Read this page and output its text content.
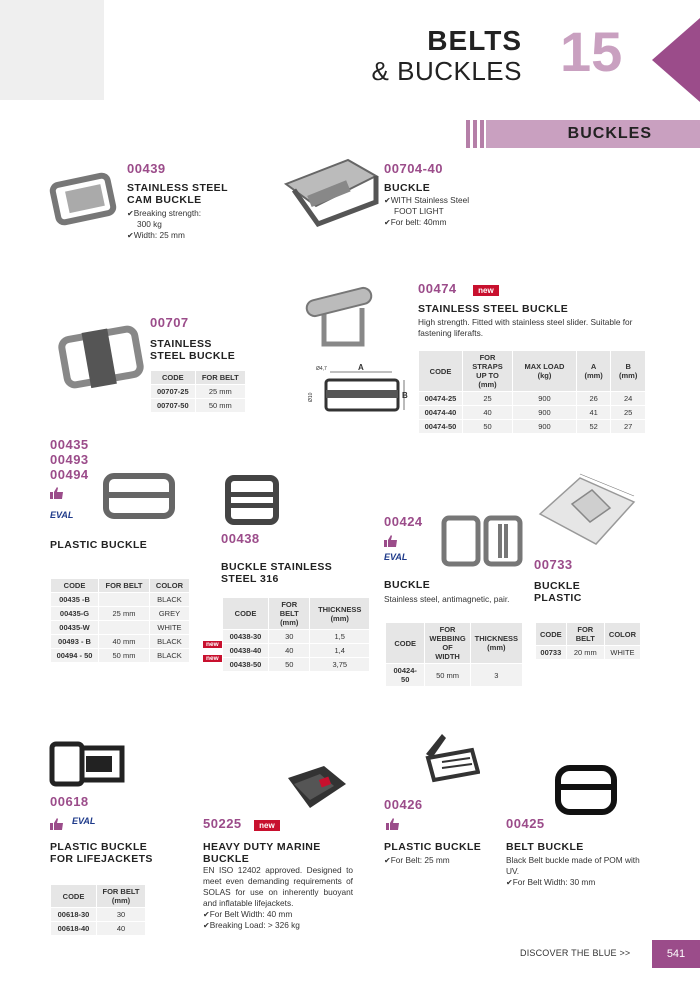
BELTS
& BUCKLES 15
BUCKLES
00439
STAINLESS STEEL CAM BUCKLE
✔ Breaking strength:
300 kg
✔ Width: 25 mm
00704-40
BUCKLE
✔ WITH Stainless Steel
FOOT LIGHT
✔ For belt: 40mm
00474	new
A
B
Ø4,7
Ø10
STAINLESS STEEL BUCKLE
High strength. Fitted with stainless steel slider. Suitable for fastening liferafts.
CODE	FOR STRAPS UP TO (mm)	MAX LOAD (kg)	A (mm)	B (mm)
00474-25	25	900	26	24
00474-40	40	900	41	25
00474-50	50	900	52	27
00707
STAINLESS STEEL BUCKLE
CODE	FOR BELT
00707-25	25 mm
00707-50	50 mm
00435
00493
00494
EVAL
PLASTIC BUCKLE
CODE	FOR BELT	COLOR
00435 -B		BLACK
00435-G	25 mm	GREY
00435-W		WHITE
00493 - B	40 mm	BLACK
00494 - 50	50 mm	BLACK
00438
BUCKLE STAINLESS STEEL 316
CODE	FOR BELT (mm)	THICKNESS (mm)
00438-30	30	1,5
00438-40	40	1,4
00438-50	50	3,75
new
new
00424
EVAL
BUCKLE
Stainless steel, antimagnetic, pair.
CODE	FOR WEBBING OF WIDTH	THICKNESS (mm)
00424-50	50 mm	3
00733
BUCKLE PLASTIC
CODE	FOR BELT	COLOR
00733	20 mm	WHITE
00618
EVAL
PLASTIC BUCKLE FOR LIFEJACKETS
CODE	FOR BELT (mm)
00618-30	30
00618-40	40
50225 new
HEAVY DUTY MARINE BUCKLE
EN ISO 12402 approved. Designed to meet even demanding requirements of SOLAS for use on inherently buoyant and inflatable lifejackets.
✔ For Belt Width: 40 mm
✔ Breaking Load: > 326 kg
00426
PLASTIC BUCKLE
✔ For Belt: 25 mm
00425
BELT BUCKLE
Black Belt buckle made of POM with UV.
✔ For Belt Width: 30 mm
DISCOVER THE BLUE >>	541
